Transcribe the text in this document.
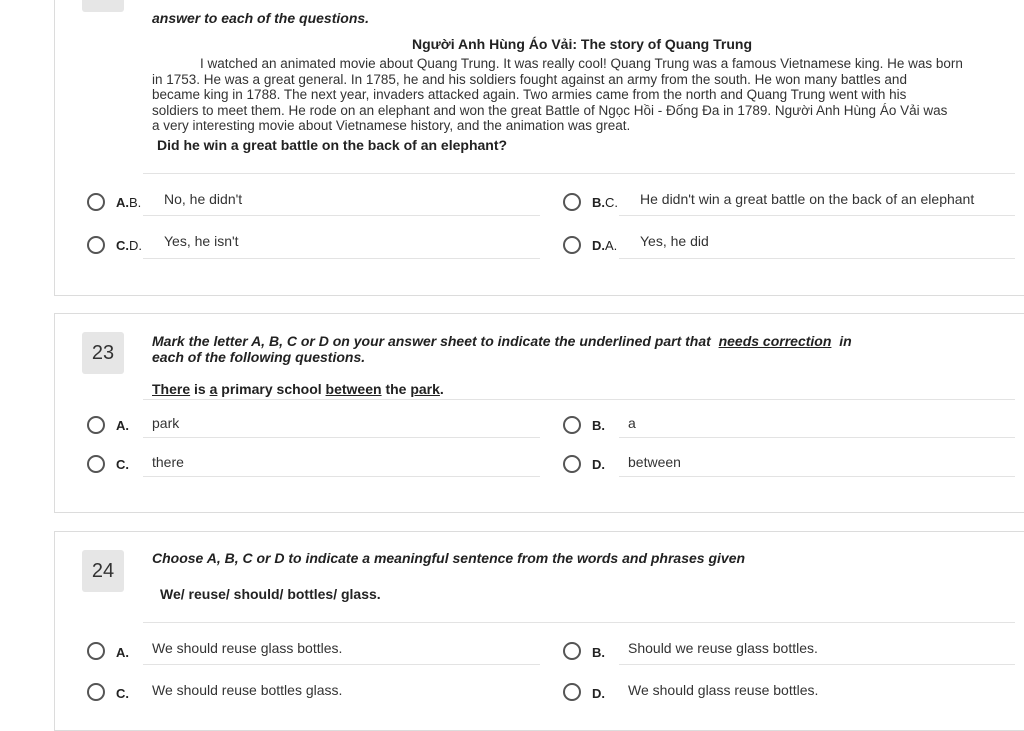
answer to each of the questions.
Người Anh Hùng Áo Vải: The story of Quang Trung
I watched an animated movie about Quang Trung. It was really cool! Quang Trung was a famous Vietnamese king. He was born
in 1753. He was a great general. In 1785, he and his soldiers fought against an army from the south. He won many battles and
became king in 1788. The next year, invaders attacked again. Two armies came from the north and Quang Trung went with his
soldiers to meet them. He rode on an elephant and won the great Battle of Ngọc Hồi - Đống Đa in 1789. Người Anh Hùng Áo Vải was
a very interesting movie about Vietnamese history, and the animation was great.
Did he win a great battle on the back of an elephant?
A.B. No, he didn't	B.C. He didn't win a great battle on the back of an elephant
C.D. Yes, he isn't	D.A. Yes, he did
23
Mark the letter A, B, C or D on your answer sheet to indicate the underlined part that needs correction in
each of the following questions.
There is a primary school between the park.
A. park	B. a
C. there	D. between
24
Choose A, B, C or D to indicate a meaningful sentence from the words and phrases given
We/ reuse/ should/ bottles/ glass.
A. We should reuse glass bottles.	B. Should we reuse glass bottles.
C. We should reuse bottles glass.	D. We should glass reuse bottles.
